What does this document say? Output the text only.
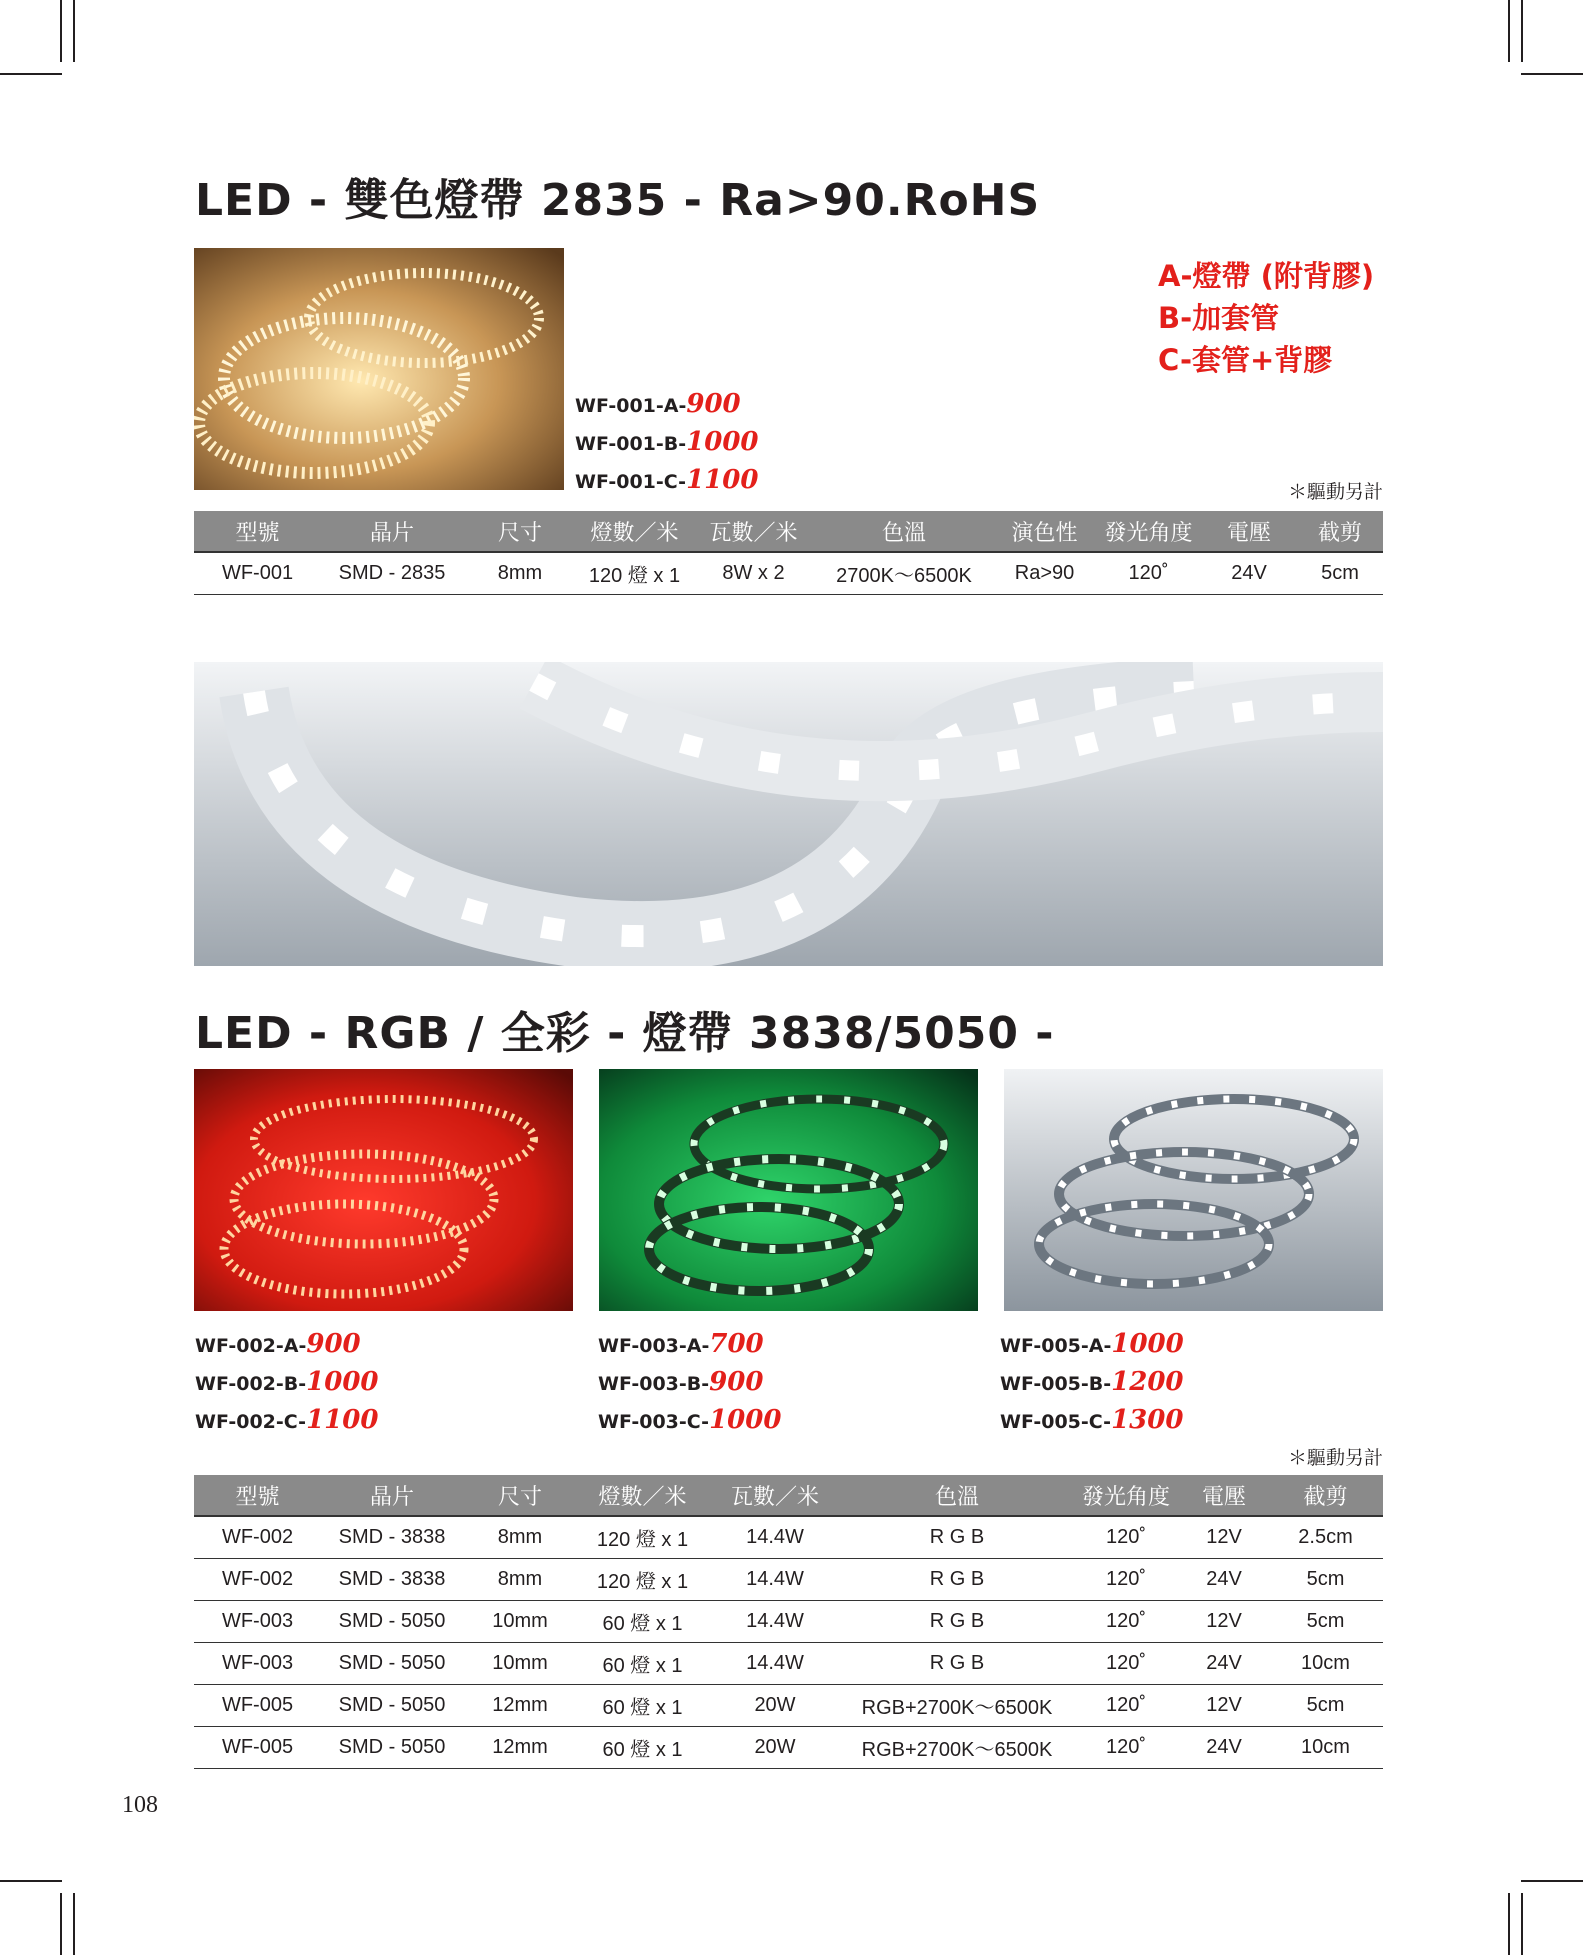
LED - 雙色燈帶 2835 - Ra>90.RoHS
A-燈帶 (附背膠)
B-加套管
C-套管+背膠
WF-001-A-900
WF-001-B-1000
WF-001-C-1100	＊驅動另計
型號	晶片	尺寸	燈數／米	瓦數／米	色溫	演色性	發光角度	電壓	截剪
WF-001	SMD - 2835	8mm	120 燈 x 1	8W x 2	2700K～6500K	Ra>90	120˚	24V	5cm
LED - RGB / 全彩 - 燈帶 3838/5050 -
WF-002-A-900
WF-002-B-1000
WF-002-C-1100
WF-003-A-700
WF-003-B-900
WF-003-C-1000
WF-005-A-1000
WF-005-B-1200
WF-005-C-1300
＊驅動另計
型號	晶片	尺寸	燈數／米	瓦數／米	色溫	發光角度	電壓	截剪
WF-002	SMD - 3838	8mm	120 燈 x 1	14.4W	R G B	120˚	12V	2.5cm
WF-002	SMD - 3838	8mm	120 燈 x 1	14.4W	R G B	120˚	24V	5cm
WF-003	SMD - 5050	10mm	60 燈 x 1	14.4W	R G B	120˚	12V	5cm
WF-003	SMD - 5050	10mm	60 燈 x 1	14.4W	R G B	120˚	24V	10cm
WF-005	SMD - 5050	12mm	60 燈 x 1	20W	RGB+2700K～6500K	120˚	12V	5cm
WF-005	SMD - 5050	12mm	60 燈 x 1	20W	RGB+2700K～6500K	120˚	24V	10cm
108
